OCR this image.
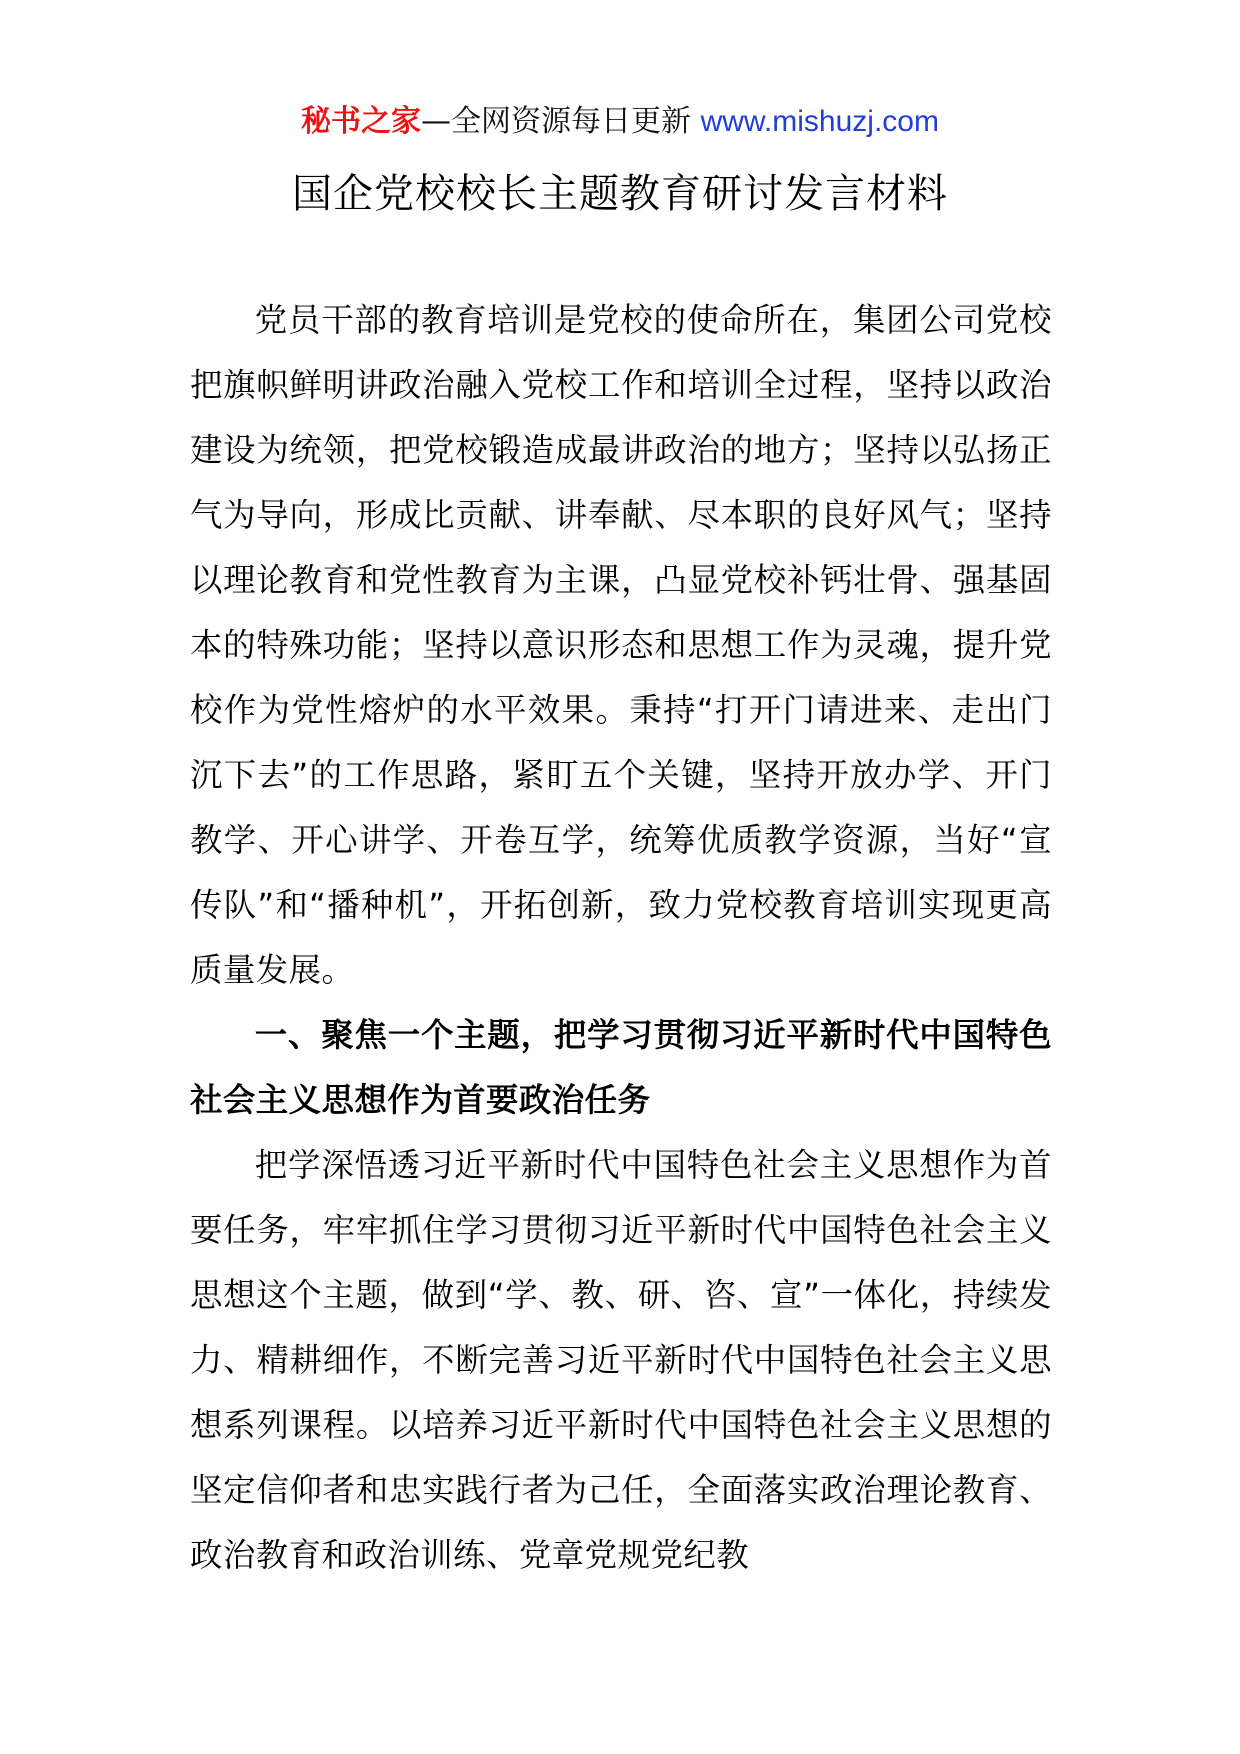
秘书之家—全网资源每日更新 www.mishuzj.com
国企党校校长主题教育研讨发言材料

党员干部的教育培训是党校的使命所在，集团公司党校把旗帜鲜明讲政治融入党校工作和培训全过程，坚持以政治建设为统领，把党校锻造成最讲政治的地方；坚持以弘扬正气为导向，形成比贡献、讲奉献、尽本职的良好风气；坚持以理论教育和党性教育为主课，凸显党校补钙壮骨、强基固本的特殊功能；坚持以意识形态和思想工作为灵魂，提升党校作为党性熔炉的水平效果。秉持“打开门请进来、走出门沉下去”的工作思路，紧盯五个关键，坚持开放办学、开门教学、开心讲学、开卷互学，统筹优质教学资源，当好“宣传队”和“播种机”，开拓创新，致力党校教育培训实现更高质量发展。

一、聚焦一个主题，把学习贯彻习近平新时代中国特色社会主义思想作为首要政治任务

把学深悟透习近平新时代中国特色社会主义思想作为首要任务，牢牢抓住学习贯彻习近平新时代中国特色社会主义思想这个主题，做到“学、教、研、咨、宣”一体化，持续发力、精耕细作，不断完善习近平新时代中国特色社会主义思想系列课程。以培养习近平新时代中国特色社会主义思想的坚定信仰者和忠实践行者为己任，全面落实政治理论教育、政治教育和政治训练、党章党规党纪教
